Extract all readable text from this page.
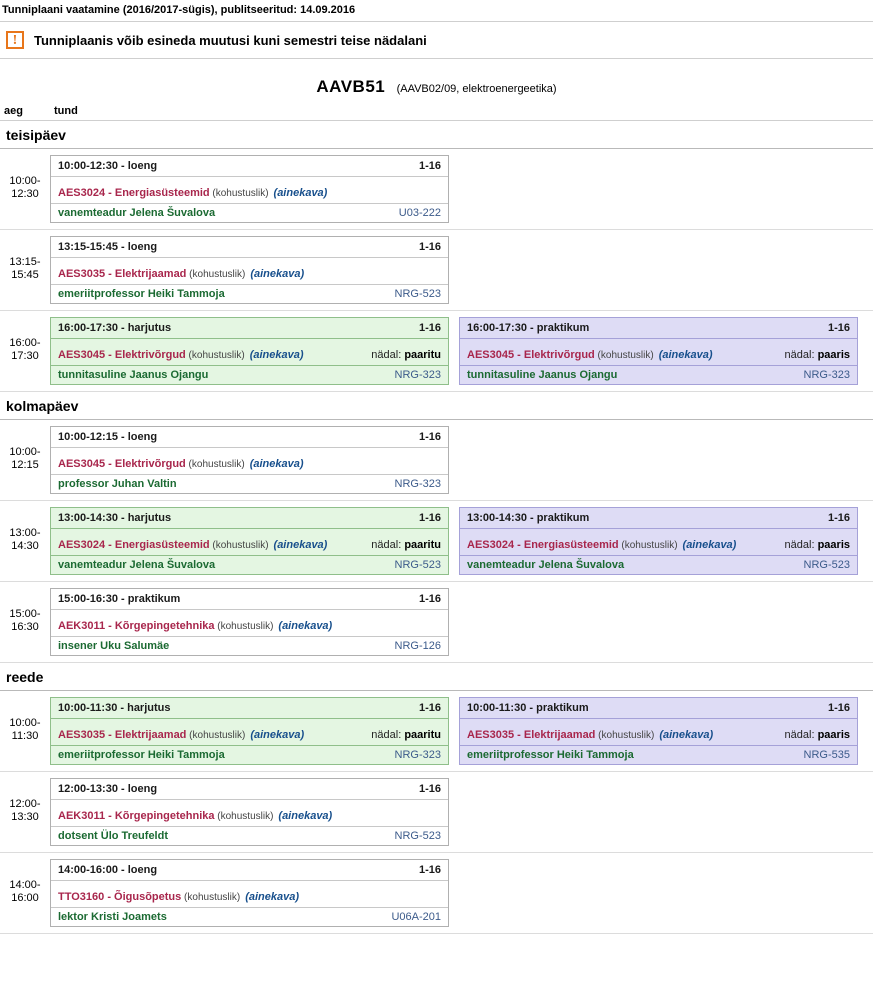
Tunniplaani vaatamine (2016/2017-sügis), publitseeritud: 14.09.2016
!	Tunniplaanis võib esineda muutusi kuni semestri teise nädalani
AAVB51 (AAVB02/09, elektroenergeetika)
aeg	tund
teisipäev
10:00-
12:30
10:00-12:30 - loeng	1-16
AES3024 - Energiasüsteemid (kohustuslik) (ainekava)
vanemteadur Jelena Šuvalova	U03-222
13:15-
15:45
13:15-15:45 - loeng	1-16
AES3035 - Elektrijaamad (kohustuslik) (ainekava)
emeriitprofessor Heiki Tammoja	NRG-523
16:00-
17:30
16:00-17:30 - harjutus	1-16
AES3045 - Elektrivõrgud (kohustuslik) (ainekava)	nädal: paaritu
tunnitasuline Jaanus Ojangu	NRG-323
16:00-17:30 - praktikum	1-16
AES3045 - Elektrivõrgud (kohustuslik) (ainekava)	nädal: paaris
tunnitasuline Jaanus Ojangu	NRG-323
kolmapäev
10:00-
12:15
10:00-12:15 - loeng	1-16
AES3045 - Elektrivõrgud (kohustuslik) (ainekava)
professor Juhan Valtin	NRG-323
13:00-
14:30
13:00-14:30 - harjutus	1-16
AES3024 - Energiasüsteemid (kohustuslik) (ainekava)	nädal: paaritu
vanemteadur Jelena Šuvalova	NRG-523
13:00-14:30 - praktikum	1-16
AES3024 - Energiasüsteemid (kohustuslik) (ainekava)	nädal: paaris
vanemteadur Jelena Šuvalova	NRG-523
15:00-
16:30
15:00-16:30 - praktikum	1-16
AEK3011 - Kõrgepingetehnika (kohustuslik) (ainekava)
insener Uku Salumäe	NRG-126
reede
10:00-
11:30
10:00-11:30 - harjutus	1-16
AES3035 - Elektrijaamad (kohustuslik) (ainekava)	nädal: paaritu
emeriitprofessor Heiki Tammoja	NRG-323
10:00-11:30 - praktikum	1-16
AES3035 - Elektrijaamad (kohustuslik) (ainekava)	nädal: paaris
emeriitprofessor Heiki Tammoja	NRG-535
12:00-
13:30
12:00-13:30 - loeng	1-16
AEK3011 - Kõrgepingetehnika (kohustuslik) (ainekava)
dotsent Ülo Treufeldt	NRG-523
14:00-
16:00
14:00-16:00 - loeng	1-16
TTO3160 - Õigusõpetus (kohustuslik) (ainekava)
lektor Kristi Joamets	U06A-201
